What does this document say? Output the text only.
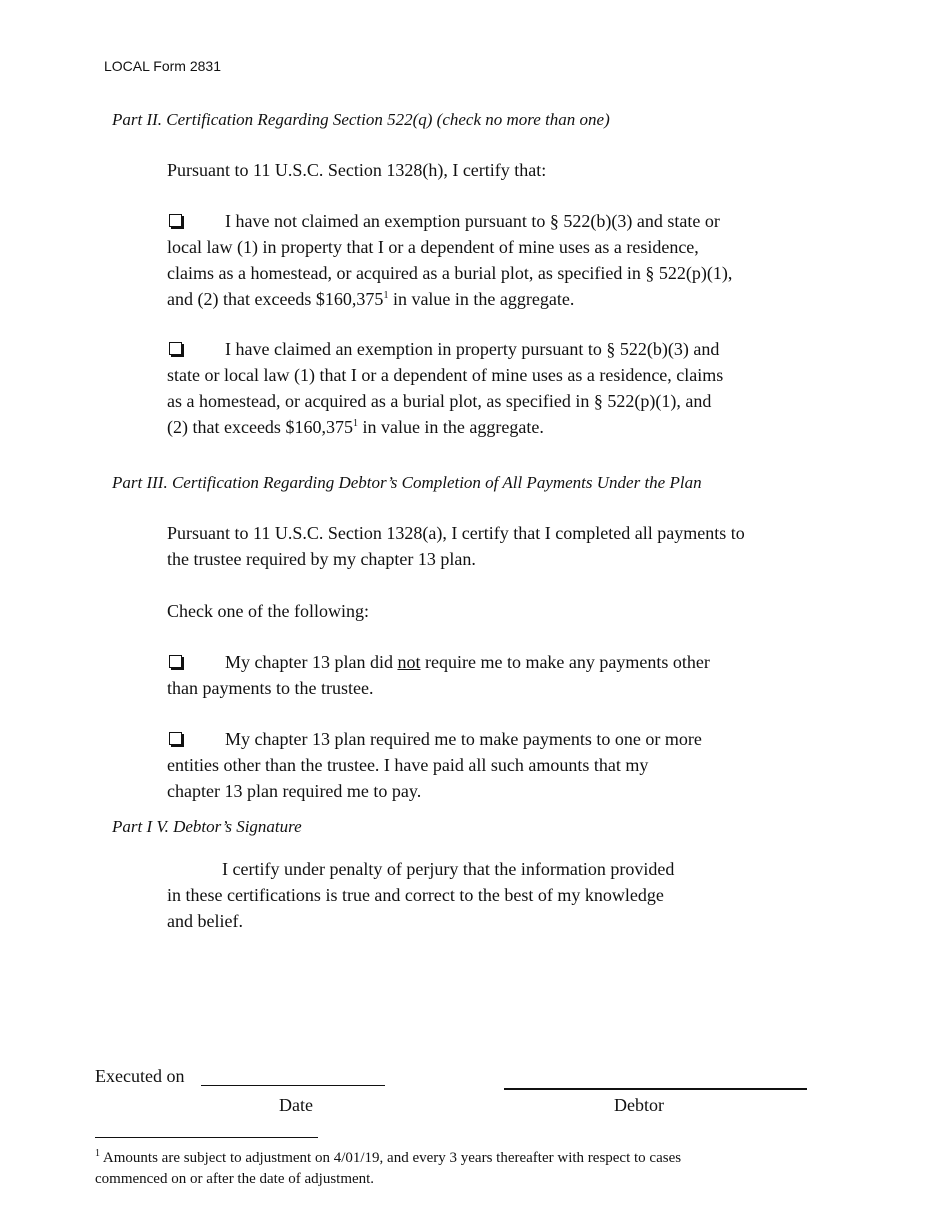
LOCAL Form 2831
Part II. Certification Regarding Section 522(q) (check no more than one)
Pursuant to 11 U.S.C. Section 1328(h), I certify that:
I have not claimed an exemption pursuant to § 522(b)(3) and state or
local law (1) in property that I or a dependent of mine uses as a residence,
claims as a homestead, or acquired as a burial plot, as specified in § 522(p)(1),
and (2) that exceeds $160,375$^1$ in value in the aggregate.
I have claimed an exemption in property pursuant to § 522(b)(3) and
state or local law (1) that I or a dependent of mine uses as a residence, claims
as a homestead, or acquired as a burial plot, as specified in § 522(p)(1), and
(2) that exceeds $160,375$^1$ in value in the aggregate.
Part III. Certification Regarding Debtor’s Completion of All Payments Under the Plan
Pursuant to 11 U.S.C. Section 1328(a), I certify that I completed all payments to
the trustee required by my chapter 13 plan.
Check one of the following:
My chapter 13 plan did not require me to make any payments other
than payments to the trustee.
My chapter 13 plan required me to make payments to one or more
entities other than the trustee. I have paid all such amounts that my
chapter 13 plan required me to pay.
Part I V. Debtor’s Signature
I certify under penalty of perjury that the information provided
in these certifications is true and correct to the best of my knowledge
and belief.
Executed on
Date	Debtor
$^1$ Amounts are subject to adjustment on 4/01/19, and every 3 years thereafter with respect to cases
commenced on or after the date of adjustment.
